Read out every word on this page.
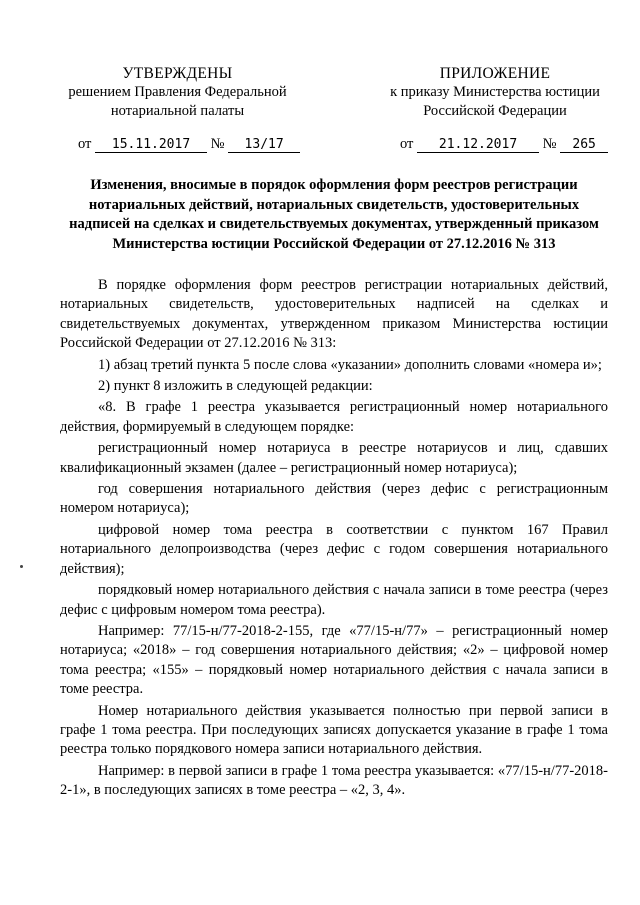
УТВЕРЖДЕНЫ
решением Правления Федеральной
нотариальной палаты
ПРИЛОЖЕНИЕ
к приказу Министерства юстиции
Российской Федерации
от 15.11.2017 № 13/17	от 21.12.2017 № 265
Изменения, вносимые в порядок оформления форм реестров регистрации нотариальных действий, нотариальных свидетельств, удостоверительных надписей на сделках и свидетельствуемых документах, утвержденный приказом Министерства юстиции Российской Федерации от 27.12.2016 № 313

В порядке оформления форм реестров регистрации нотариальных действий, нотариальных свидетельств, удостоверительных надписей на сделках и свидетельствуемых документах, утвержденном приказом Министерства юстиции Российской Федерации от 27.12.2016 № 313:

1) абзац третий пункта 5 после слова «указании» дополнить словами «номера и»;

2) пункт 8 изложить в следующей редакции:

«8. В графе 1 реестра указывается регистрационный номер нотариального действия, формируемый в следующем порядке:

регистрационный номер нотариуса в реестре нотариусов и лиц, сдавших квалификационный экзамен (далее – регистрационный номер нотариуса);

год совершения нотариального действия (через дефис с регистрационным номером нотариуса);

цифровой номер тома реестра в соответствии с пунктом 167 Правил нотариального делопроизводства (через дефис с годом совершения нотариального действия);

порядковый номер нотариального действия с начала записи в томе реестра (через дефис с цифровым номером тома реестра).

Например: 77/15-н/77-2018-2-155, где «77/15-н/77» – регистрационный номер нотариуса; «2018» – год совершения нотариального действия; «2» – цифровой номер тома реестра; «155» – порядковый номер нотариального действия с начала записи в томе реестра.

Номер нотариального действия указывается полностью при первой записи в графе 1 тома реестра. При последующих записях допускается указание в графе 1 тома реестра только порядкового номера записи нотариального действия.

Например: в первой записи в графе 1 тома реестра указывается: «77/15-н/77-2018-2-1», в последующих записях в томе реестра – «2, 3, 4».
